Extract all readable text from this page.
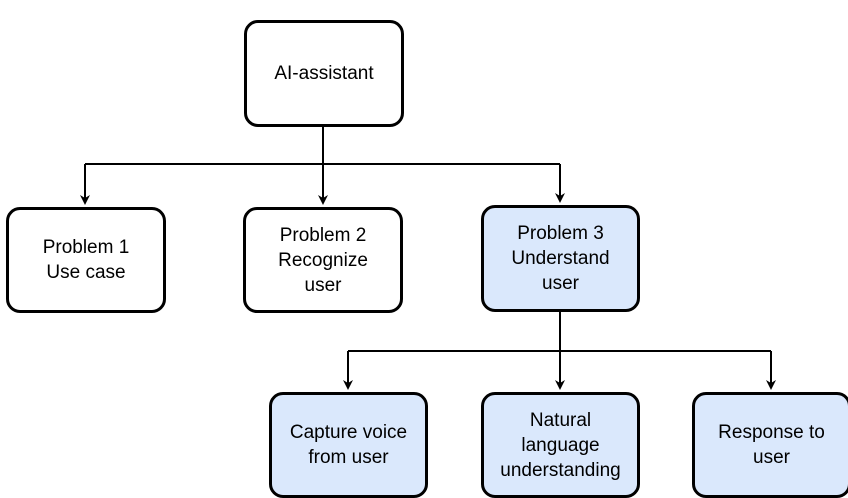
AI-assistant
Problem 1
Use case
Problem 2
Recognize
user
Problem 3
Understand
user
Capture voice
from user
Natural
language
understanding
Response to
user
